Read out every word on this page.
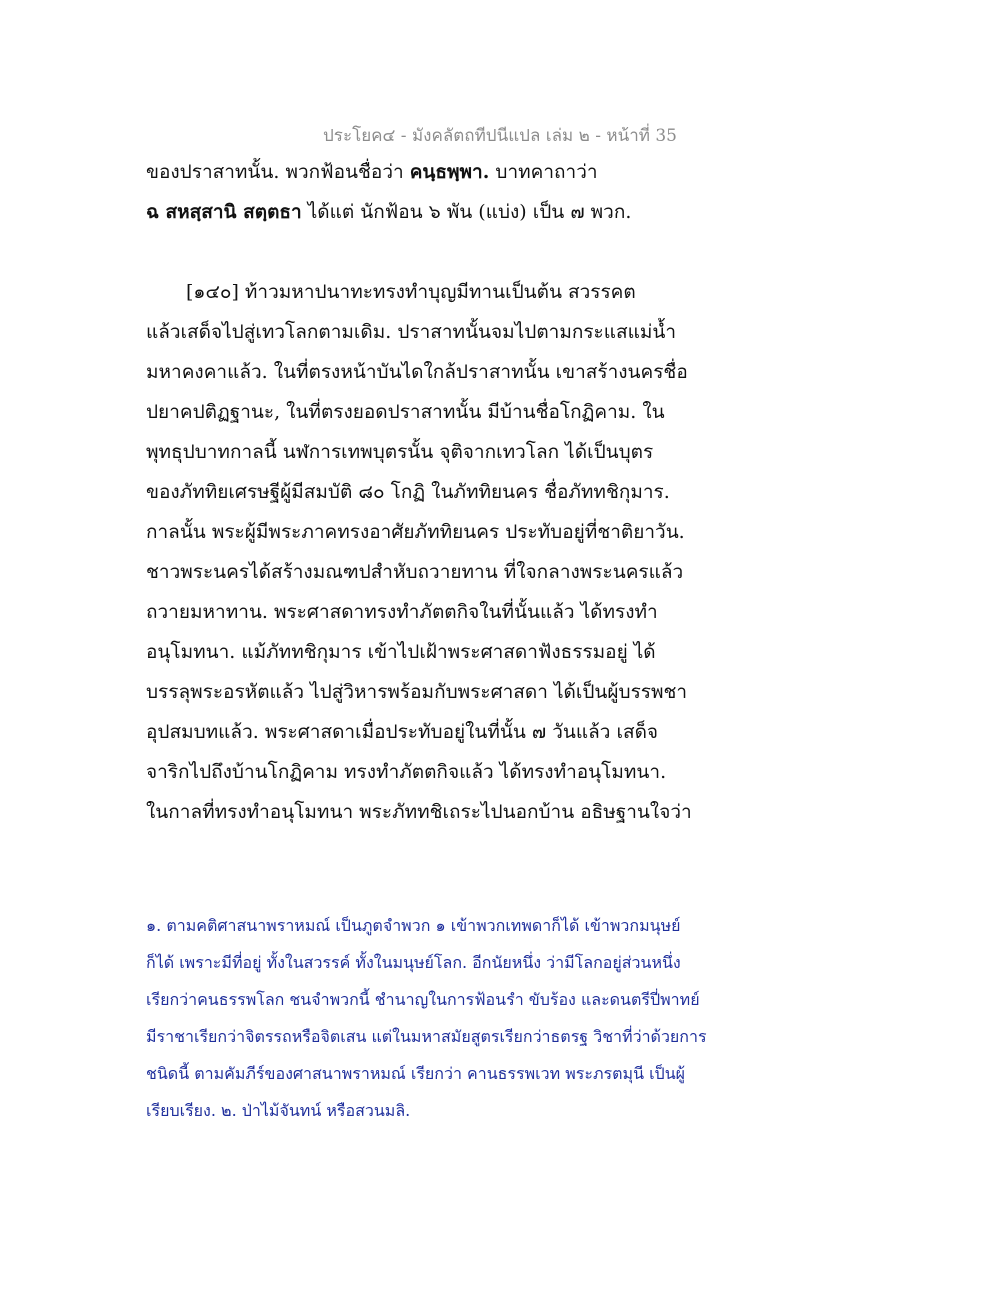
ประโยค๔ - มังคลัตถทีปนีแปล เล่ม ๒ - หน้าที่ 35
ของปราสาทนั้น. พวกฟ้อนชื่อว่า คนฺธพฺพา. บาทคาถาว่า
ฉ สหสฺสานิ สตฺตธา ได้แต่ นักฟ้อน ๖ พัน (แบ่ง) เป็น ๗ พวก.
[๑๔๐] ท้าวมหาปนาทะทรงทำบุญมีทานเป็นต้น สวรรคต
แล้วเสด็จไปสู่เทวโลกตามเดิม. ปราสาทนั้นจมไปตามกระแสแม่น้ำ
มหาคงคาแล้ว. ในที่ตรงหน้าบันไดใกล้ปราสาทนั้น เขาสร้างนครชื่อ
ปยาคปติฏฐานะ, ในที่ตรงยอดปราสาทนั้น มีบ้านชื่อโกฏิคาม. ใน
พุทธุปบาทกาลนี้ นฬการเทพบุตรนั้น จุติจากเทวโลก ได้เป็นบุตร
ของภัททิยเศรษฐีผู้มีสมบัติ ๘๐ โกฏิ ในภัททิยนคร ชื่อภัททชิกุมาร.
กาลนั้น พระผู้มีพระภาคทรงอาศัยภัททิยนคร ประทับอยู่ที่ชาติยาวัน.
ชาวพระนครได้สร้างมณฑปสำหับถวายทาน ที่ใจกลางพระนครแล้ว
ถวายมหาทาน. พระศาสดาทรงทำภัตตกิจในที่นั้นแล้ว ได้ทรงทำ
อนุโมทนา. แม้ภัททชิกุมาร เข้าไปเฝ้าพระศาสดาฟังธรรมอยู่ ได้
บรรลุพระอรหัตแล้ว ไปสู่วิหารพร้อมกับพระศาสดา ได้เป็นผู้บรรพชา
อุปสมบทแล้ว. พระศาสดาเมื่อประทับอยู่ในที่นั้น ๗ วันแล้ว เสด็จ
จาริกไปถึงบ้านโกฏิคาม ทรงทำภัตตกิจแล้ว ได้ทรงทำอนุโมทนา.
ในกาลที่ทรงทำอนุโมทนา พระภัททชิเถระไปนอกบ้าน อธิษฐานใจว่า
๑. ตามคติศาสนาพราหมณ์ เป็นภูตจำพวก ๑ เข้าพวกเทพดาก็ได้ เข้าพวกมนุษย์
ก็ได้ เพราะมีที่อยู่ ทั้งในสวรรค์ ทั้งในมนุษย์โลก. อีกนัยหนึ่ง ว่ามีโลกอยู่ส่วนหนึ่ง
เรียกว่าคนธรรพโลก ชนจำพวกนี้ ชำนาญในการฟ้อนรำ ขับร้อง และดนตรีปี่พาทย์
มีราชาเรียกว่าจิตรรถหรือจิตเสน แต่ในมหาสมัยสูตรเรียกว่าธตรฐ วิชาที่ว่าด้วยการ
ชนิดนี้ ตามคัมภีร์ของศาสนาพราหมณ์ เรียกว่า คานธรรพเวท พระภรตมุนี เป็นผู้
เรียบเรียง. ๒. ป่าไม้จันทน์ หรือสวนมลิ.
